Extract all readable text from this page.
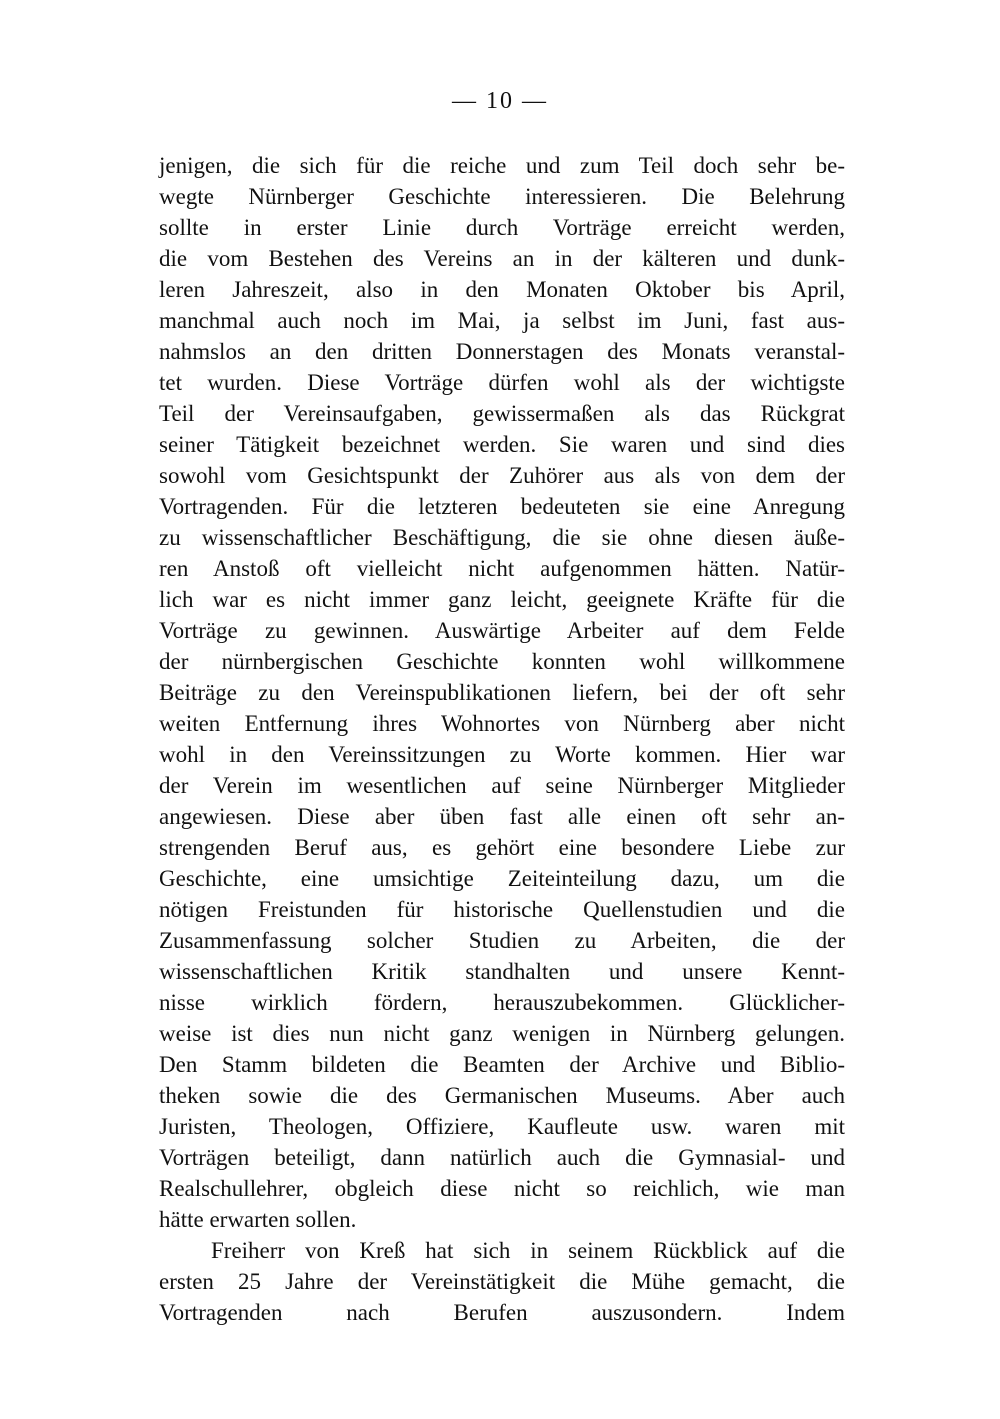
— 10 —
jenigen, die sich für die reiche und zum Teil doch sehr be-
wegte Nürnberger Geschichte interessieren. Die Belehrung
sollte in erster Linie durch Vorträge erreicht werden,
die vom Bestehen des Vereins an in der kälteren und dunk-
leren Jahreszeit, also in den Monaten Oktober bis April,
manchmal auch noch im Mai, ja selbst im Juni, fast aus-
nahmslos an den dritten Donnerstagen des Monats veranstal-
tet wurden. Diese Vorträge dürfen wohl als der wichtigste
Teil der Vereinsaufgaben, gewissermaßen als das Rückgrat
seiner Tätigkeit bezeichnet werden. Sie waren und sind dies
sowohl vom Gesichtspunkt der Zuhörer aus als von dem der
Vortragenden. Für die letzteren bedeuteten sie eine Anregung
zu wissenschaftlicher Beschäftigung, die sie ohne diesen äuße-
ren Anstoß oft vielleicht nicht aufgenommen hätten. Natür-
lich war es nicht immer ganz leicht, geeignete Kräfte für die
Vorträge zu gewinnen. Auswärtige Arbeiter auf dem Felde
der nürnbergischen Geschichte konnten wohl willkommene
Beiträge zu den Vereinspublikationen liefern, bei der oft sehr
weiten Entfernung ihres Wohnortes von Nürnberg aber nicht
wohl in den Vereinssitzungen zu Worte kommen. Hier war
der Verein im wesentlichen auf seine Nürnberger Mitglieder
angewiesen. Diese aber üben fast alle einen oft sehr an-
strengenden Beruf aus, es gehört eine besondere Liebe zur
Geschichte, eine umsichtige Zeiteinteilung dazu, um die
nötigen Freistunden für historische Quellenstudien und die
Zusammenfassung solcher Studien zu Arbeiten, die der
wissenschaftlichen Kritik standhalten und unsere Kennt-
nisse wirklich fördern, herauszubekommen. Glücklicher-
weise ist dies nun nicht ganz wenigen in Nürnberg gelungen.
Den Stamm bildeten die Beamten der Archive und Biblio-
theken sowie die des Germanischen Museums. Aber auch
Juristen, Theologen, Offiziere, Kaufleute usw. waren mit
Vorträgen beteiligt, dann natürlich auch die Gymnasial- und
Realschullehrer, obgleich diese nicht so reichlich, wie man
hätte erwarten sollen.
Freiherr von Kreß hat sich in seinem Rückblick auf die
ersten 25 Jahre der Vereinstätigkeit die Mühe gemacht, die
Vortragenden nach Berufen auszusondern. Indem
